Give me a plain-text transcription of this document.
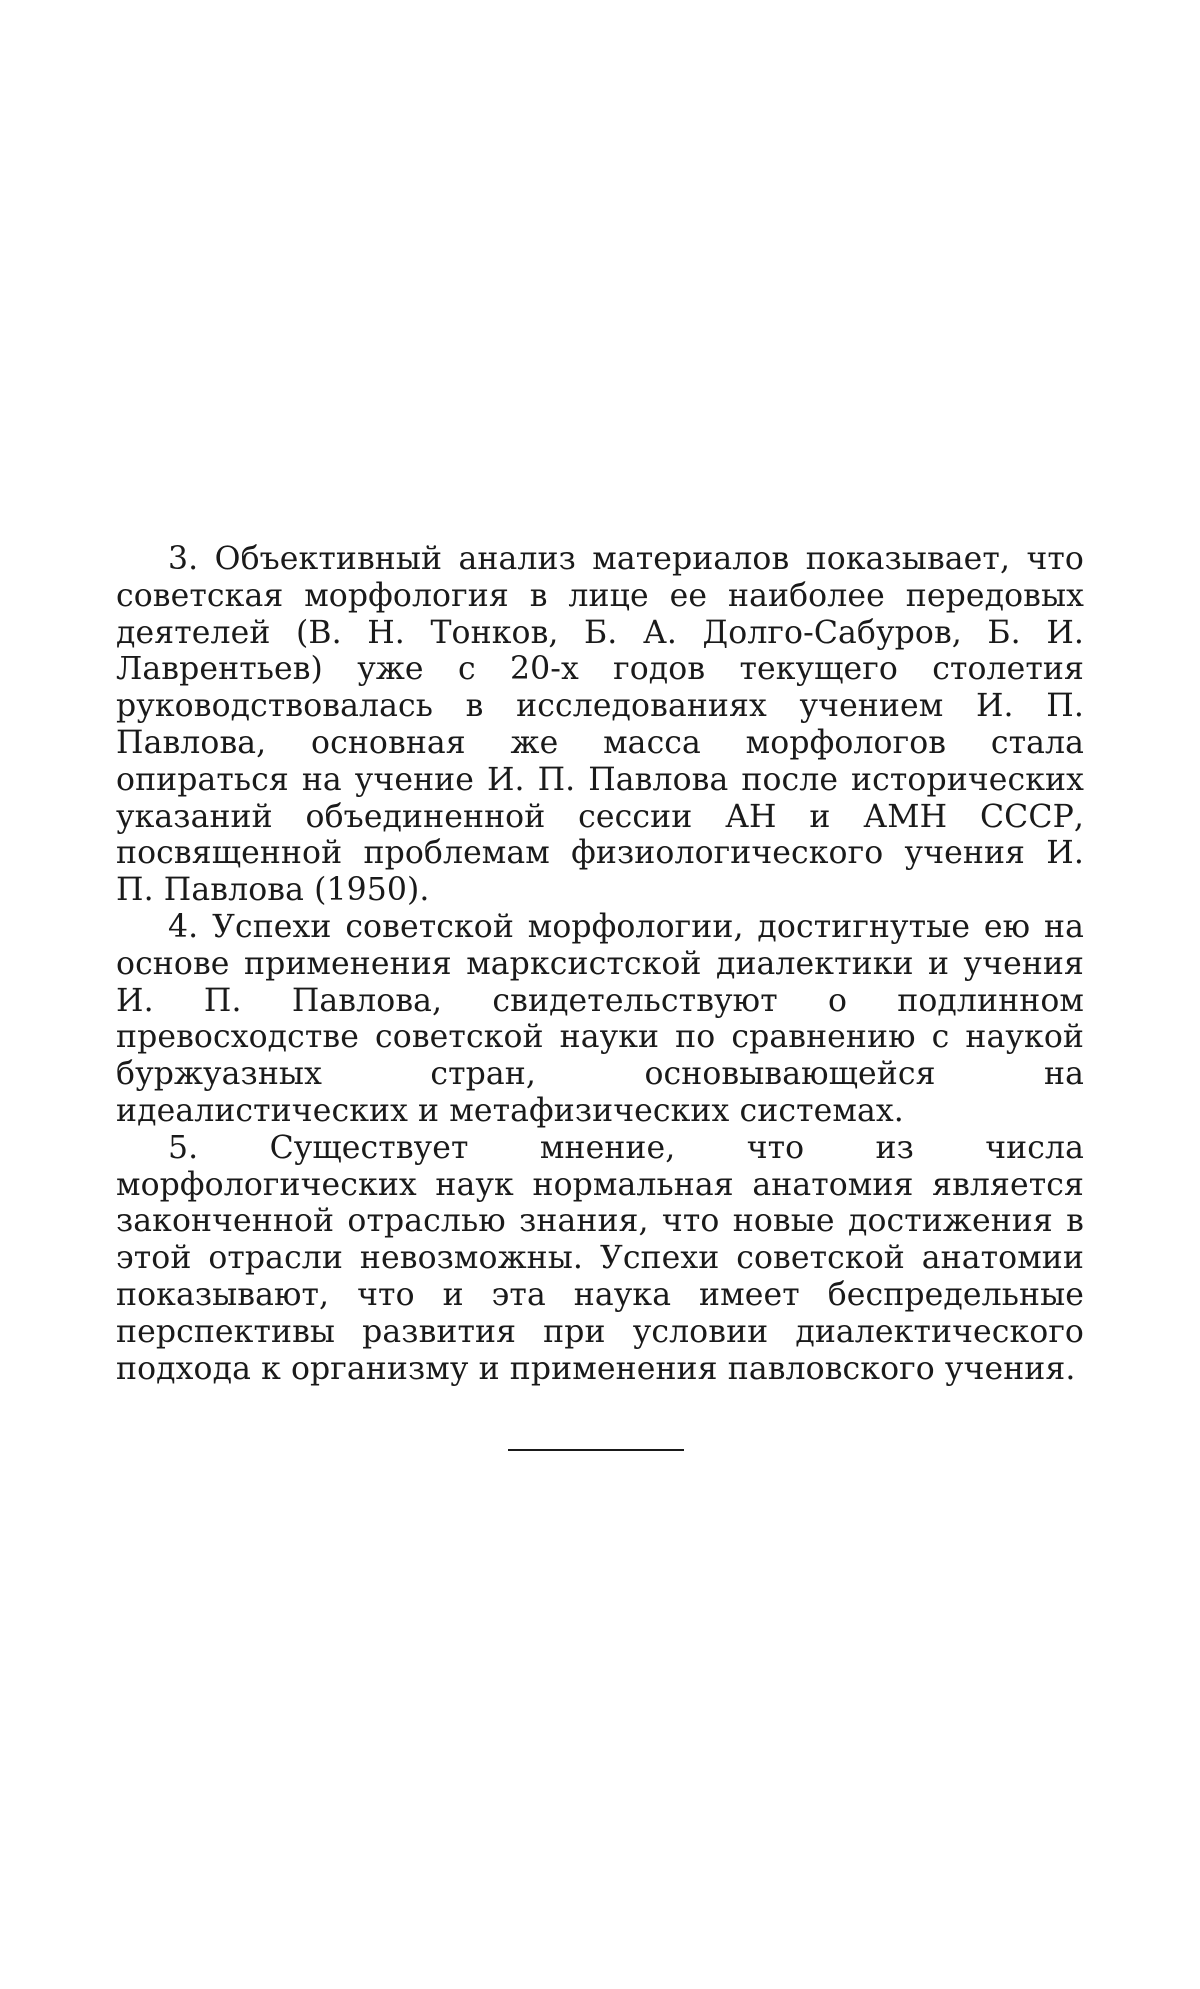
3. Объективный анализ материалов показывает, что советская морфология в лице ее наиболее передовых деятелей (В. Н. Тонков, Б. А. Долго-Сабуров, Б. И. Лаврентьев) уже с 20-х годов текущего столетия руководствовалась в исследованиях учением И. П. Павлова, основная же масса морфологов стала опираться на учение И. П. Павлова после исторических указаний объединенной сессии АН и АМН СССР, посвященной проблемам физиологического учения И. П. Павлова (1950).

4. Успехи советской морфологии, достигнутые ею на основе применения марксистской диалектики и учения И. П. Павлова, свидетельствуют о подлинном превосходстве советской науки по сравнению с наукой буржуазных стран, основывающейся на идеалистических и метафизических системах.

5. Существует мнение, что из числа морфологических наук нормальная анатомия является законченной отраслью знания, что новые достижения в этой отрасли невозможны. Успехи советской анатомии показывают, что и эта наука имеет беспредельные перспективы развития при условии диалектического подхода к организму и применения павловского учения.
